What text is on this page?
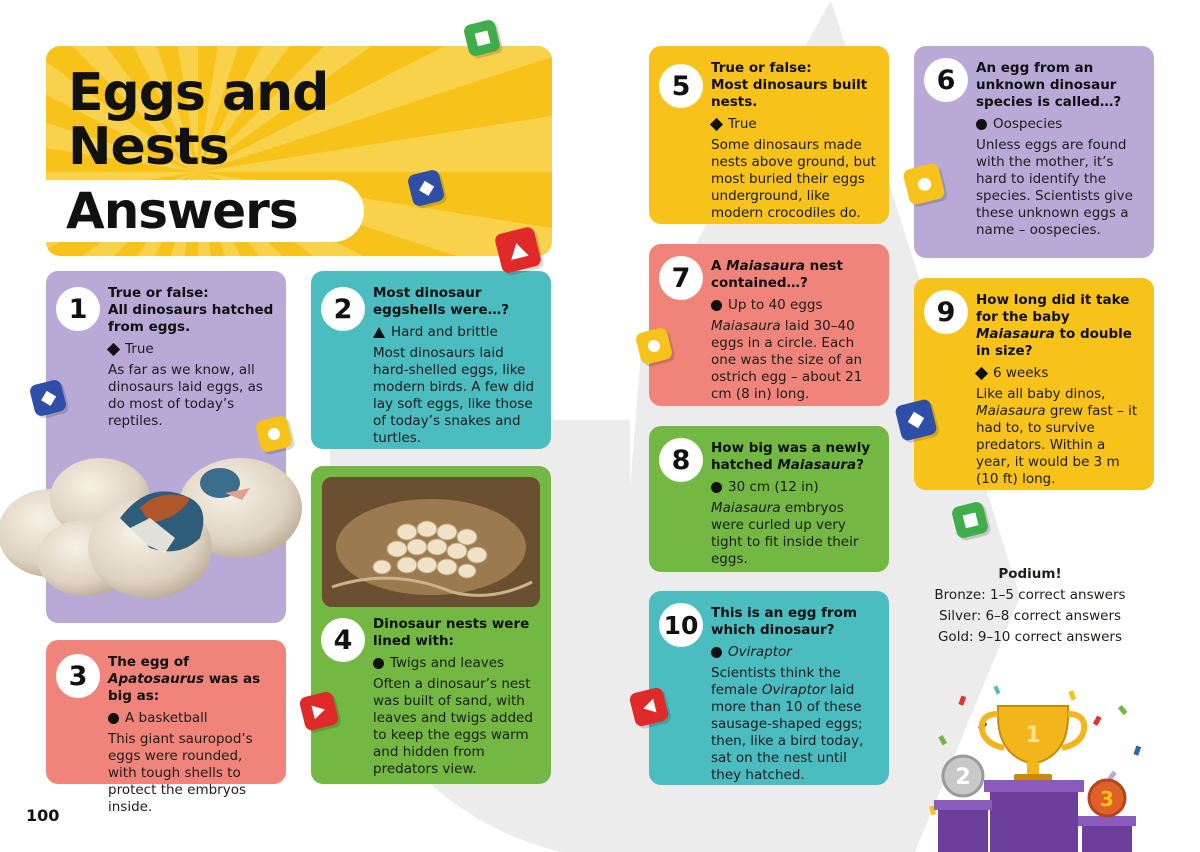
Eggs and
Nests
Answers
1
True or false:
All dinosaurs hatched from eggs.
True
As far as we know, all dinosaurs laid eggs, as do most of today’s reptiles.
2
Most dinosaur eggshells were…?
Hard and brittle
Most dinosaurs laid hard-shelled eggs, like modern birds. A few did lay soft eggs, like those of today’s snakes and turtles.
4
Dinosaur nests were lined with:
Twigs and leaves
Often a dinosaur’s nest was built of sand, with leaves and twigs added to keep the eggs warm and hidden from predators view.
3	The egg of Apatosaurus was as big as:
A basketball
This giant sauropod’s eggs were rounded, with tough shells to protect the embryos inside.
5
True or false:
Most dinosaurs built nests.
True
Some dinosaurs made nests above ground, but most buried their eggs underground, like modern crocodiles do.
6	An egg from an unknown dinosaur species is called…?
Oospecies
Unless eggs are found with the mother, it’s hard to identify the species. Scientists give these unknown eggs a name – oospecies.
7	A Maiasaura nest contained…?
Up to 40 eggs
Maiasaura laid 30–40 eggs in a circle. Each one was the size of an ostrich egg – about 21 cm (8 in) long.
9	How long did it take for the baby Maiasaura to double in size?
6 weeks
Like all baby dinos, Maiasaura grew fast – it had to, to survive predators. Within a year, it would be 3 m (10 ft) long.
8	How big was a newly hatched Maiasaura?
30 cm (12 in)
Maiasaura embryos were curled up very tight to fit inside their eggs.
10 This is an egg from which dinosaur?
Oviraptor
Scientists think the female Oviraptor laid more than 10 of these sausage-shaped eggs; then, like a bird today, sat on the nest until they hatched.
Podium!
Bronze: 1–5 correct answers
Silver: 6–8 correct answers
Gold: 9–10 correct answers
1
2
3
100
